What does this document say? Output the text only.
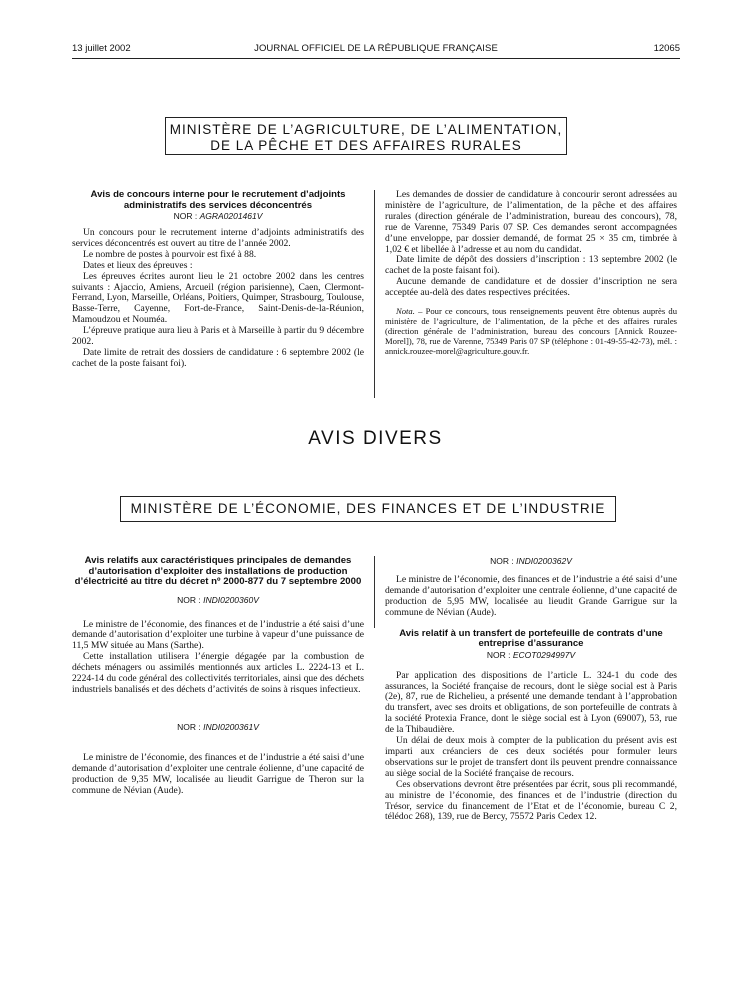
13 juillet 2002	JOURNAL OFFICIEL DE LA RÉPUBLIQUE FRANÇAISE	12065
MINISTÈRE DE L’AGRICULTURE, DE L’ALIMENTATION,
DE LA PÊCHE ET DES AFFAIRES RURALES
Avis de concours interne pour le recrutement d’adjoints administratifs des services déconcentrés
NOR : AGRA0201461V

Un concours pour le recrutement interne d’adjoints administratifs des services déconcentrés est ouvert au titre de l’année 2002.

Le nombre de postes à pourvoir est fixé à 88.

Dates et lieux des épreuves :

Les épreuves écrites auront lieu le 21 octobre 2002 dans les centres suivants : Ajaccio, Amiens, Arcueil (région parisienne), Caen, Clermont-Ferrand, Lyon, Marseille, Orléans, Poitiers, Quimper, Strasbourg, Toulouse, Basse-Terre, Cayenne, Fort-de-France, Saint-Denis-de-la-Réunion, Mamoudzou et Nouméa.

L’épreuve pratique aura lieu à Paris et à Marseille à partir du 9 décembre 2002.

Date limite de retrait des dossiers de candidature : 6 septembre 2002 (le cachet de la poste faisant foi).

Les demandes de dossier de candidature à concourir seront adressées au ministère de l’agriculture, de l’alimentation, de la pêche et des affaires rurales (direction générale de l’administration, bureau des concours), 78, rue de Varenne, 75349 Paris 07 SP. Ces demandes seront accompagnées d’une enveloppe, par dossier demandé, de format 25 × 35 cm, timbrée à 1,02 € et libellée à l’adresse et au nom du candidat.

Date limite de dépôt des dossiers d’inscription : 13 septembre 2002 (le cachet de la poste faisant foi).

Aucune demande de candidature et de dossier d’inscription ne sera acceptée au-delà des dates respectives précitées.

Nota. – Pour ce concours, tous renseignements peuvent être obtenus auprès du ministère de l’agriculture, de l’alimentation, de la pêche et des affaires rurales (direction générale de l’administration, bureau des concours [Annick Rouzee-Morel]), 78, rue de Varenne, 75349 Paris 07 SP (téléphone : 01-49-55-42-73), mél. : annick.rouzee-morel@agriculture.gouv.fr.

AVIS DIVERS
MINISTÈRE DE L’ÉCONOMIE, DES FINANCES ET DE L’INDUSTRIE
Avis relatifs aux caractéristiques principales de demandes d’autorisation d’exploiter des installations de production d’électricité au titre du décret nº 2000-877 du 7 septembre 2000
NOR : INDI0200360V

Le ministre de l’économie, des finances et de l’industrie a été saisi d’une demande d’autorisation d’exploiter une turbine à vapeur d’une puissance de 11,5 MW située au Mans (Sarthe).

Cette installation utilisera l’énergie dégagée par la combustion de déchets ménagers ou assimilés mentionnés aux articles L. 2224-13 et L. 2224-14 du code général des collectivités territoriales, ainsi que des déchets industriels banalisés et des déchets d’activités de soins à risques infectieux.

NOR : INDI0200361V

Le ministre de l’économie, des finances et de l’industrie a été saisi d’une demande d’autorisation d’exploiter une centrale éolienne, d’une capacité de production de 9,35 MW, localisée au lieudit Garrigue de Theron sur la commune de Névian (Aude).

NOR : INDI0200362V

Le ministre de l’économie, des finances et de l’industrie a été saisi d’une demande d’autorisation d’exploiter une centrale éolienne, d’une capacité de production de 5,95 MW, localisée au lieudit Grande Garrigue sur la commune de Névian (Aude).

Avis relatif à un transfert de portefeuille de contrats d’une entreprise d’assurance
NOR : ECOT0294997V

Par application des dispositions de l’article L. 324-1 du code des assurances, la Société française de recours, dont le siège social est à Paris (2e), 87, rue de Richelieu, a présenté une demande tendant à l’approbation du transfert, avec ses droits et obligations, de son portefeuille de contrats à la société Protexia France, dont le siège social est à Lyon (69007), 53, rue de la Thibaudière.

Un délai de deux mois à compter de la publication du présent avis est imparti aux créanciers de ces deux sociétés pour formuler leurs observations sur le projet de transfert dont ils peuvent prendre connaissance au siège social de la Société française de recours.

Ces observations devront être présentées par écrit, sous pli recommandé, au ministre de l’économie, des finances et de l’industrie (direction du Trésor, service du financement de l’Etat et de l’économie, bureau C 2, télédoc 268), 139, rue de Bercy, 75572 Paris Cedex 12.
